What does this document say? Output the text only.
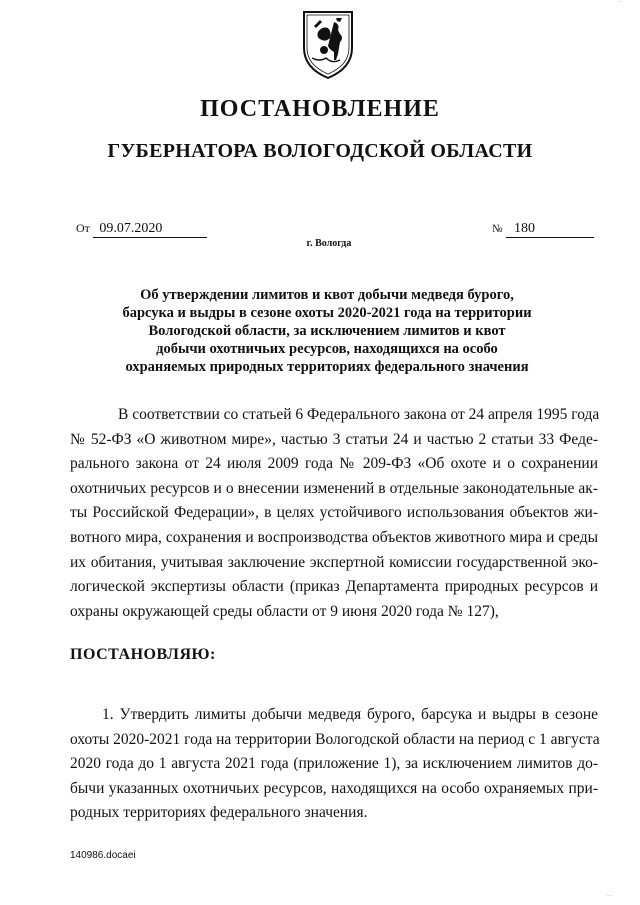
···
ПОСТАНОВЛЕНИЕ
ГУБЕРНАТОРА ВОЛОГОДСКОЙ ОБЛАСТИ
От 09.07.2020	№ 180
г. Вологда
Об утверждении лимитов и квот добычи медведя бурого,
барсука и выдры в сезоне охоты 2020-2021 года на территории
Вологодской области, за исключением лимитов и квот
добычи охотничьих ресурсов, находящихся на особо
охраняемых природных территориях федерального значения
В соответствии со статьей 6 Федерального закона от 24 апреля 1995 года
№ 52-ФЗ «О животном мире», частью 3 статьи 24 и частью 2 статьи 33 Феде-
рального закона от 24 июля 2009 года № 209-ФЗ «Об охоте и о сохранении
охотничьих ресурсов и о внесении изменений в отдельные законодательные ак-
ты Российской Федерации», в целях устойчивого использования объектов жи-
вотного мира, сохранения и воспроизводства объектов животного мира и среды
их обитания, учитывая заключение экспертной комиссии государственной эко-
логической экспертизы области (приказ Департамента природных ресурсов и
охраны окружающей среды области от 9 июня 2020 года № 127),
ПОСТАНОВЛЯЮ:
1. Утвердить лимиты добычи медведя бурого, барсука и выдры в сезоне
охоты 2020-2021 года на территории Вологодской области на период с 1 августа
2020 года до 1 августа 2021 года (приложение 1), за исключением лимитов до-
бычи указанных охотничьих ресурсов, находящихся на особо охраняемых при-
родных территориях федерального значения.
140986.docaei
···
